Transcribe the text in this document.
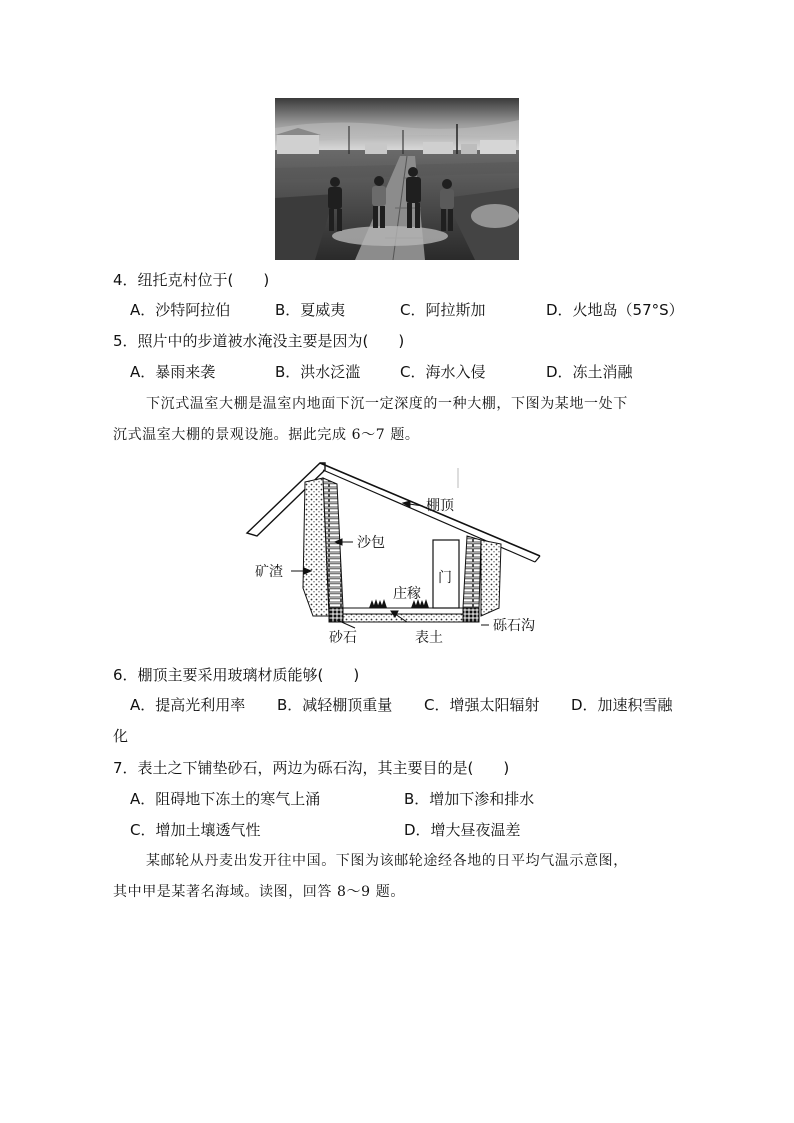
4．纽托克村位于(　　)
A．沙特阿拉伯	B．夏威夷	C．阿拉斯加	D．火地岛（57°S）
5．照片中的步道被水淹没主要是因为(　　)
A．暴雨来袭	B．洪水泛滥	C．海水入侵	D．冻土消融
下沉式温室大棚是温室内地面下沉一定深度的一种大棚，下图为某地一处下
沉式温室大棚的景观设施。据此完成 6～7 题。
棚顶
沙包
矿渣	门
庄稼
砂石	表土
砾石沟
6．棚顶主要采用玻璃材质能够(　　)
A．提高光利用率 B．减轻棚顶重量 C．增强太阳辐射 D．加速积雪融
化
7．表土之下铺垫砂石，两边为砾石沟，其主要目的是(　　)
A．阻碍地下冻土的寒气上涌	B．增加下渗和排水
C．增加土壤透气性	D．增大昼夜温差
某邮轮从丹麦出发开往中国。下图为该邮轮途经各地的日平均气温示意图，
其中甲是某著名海域。读图，回答 8～9 题。
